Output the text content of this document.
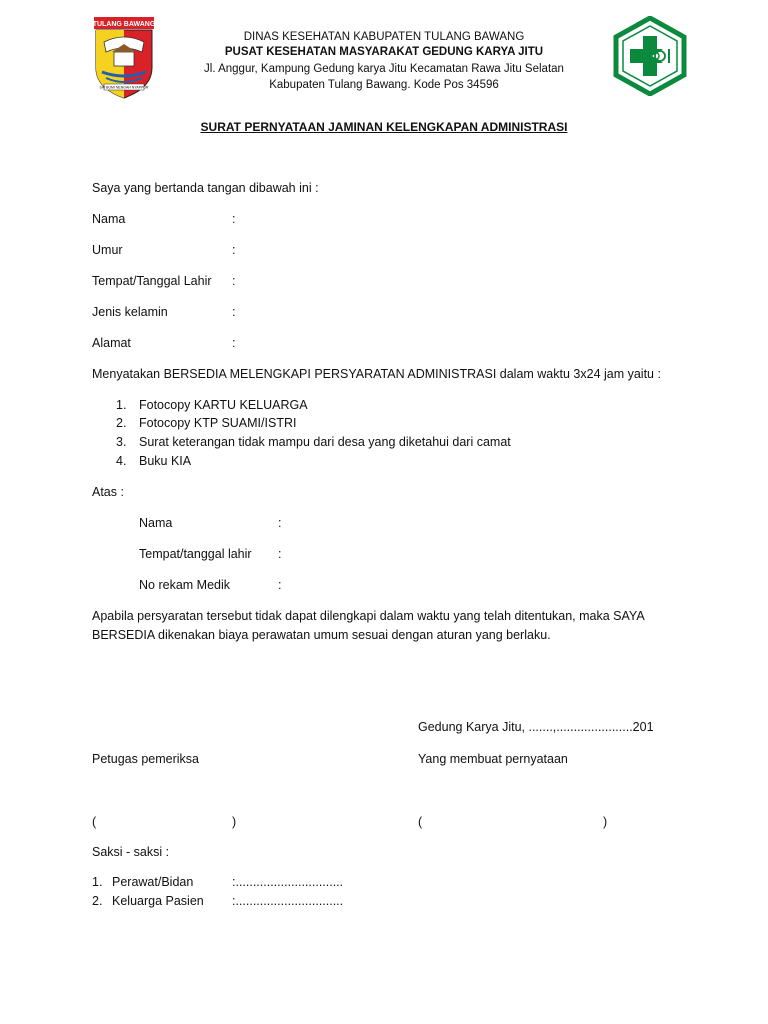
TULANG BAWANG
SAI BUMI NENGAH NYAPPUR
DINAS KESEHATAN KABUPATEN TULANG BAWANG
PUSAT KESEHATAN MASYARAKAT GEDUNG KARYA JITU
Jl. Anggur, Kampung Gedung karya Jitu Kecamatan Rawa Jitu Selatan
Kabupaten Tulang Bawang. Kode Pos 34596
SURAT PERNYATAAN JAMINAN KELENGKAPAN ADMINISTRASI
Saya yang bertanda tangan dibawah ini :
Nama	:
Umur	:
Tempat/Tanggal Lahir :
Jenis kelamin	:
Alamat	:
Menyatakan BERSEDIA MELENGKAPI PERSYARATAN ADMINISTRASI dalam waktu 3x24 jam yaitu :
1. Fotocopy KARTU KELUARGA
2. Fotocopy KTP SUAMI/ISTRI
3. Surat keterangan tidak mampu dari desa yang diketahui dari camat
4. Buku KIA
Atas :
Nama	:
Tempat/tanggal lahir :
No rekam Medik	:
Apabila persyaratan tersebut tidak dapat dilengkapi dalam waktu yang telah ditentukan, maka SAYA
BERSEDIA dikenakan biaya perawatan umum sesuai dengan aturan yang berlaku.
Gedung Karya Jitu, .......,......................201
Petugas pemeriksa	Yang membuat pernyataan
(	)	(	)
Saksi - saksi :
1. Perawat/Bidan	:...............................
2. Keluarga Pasien :...............................
